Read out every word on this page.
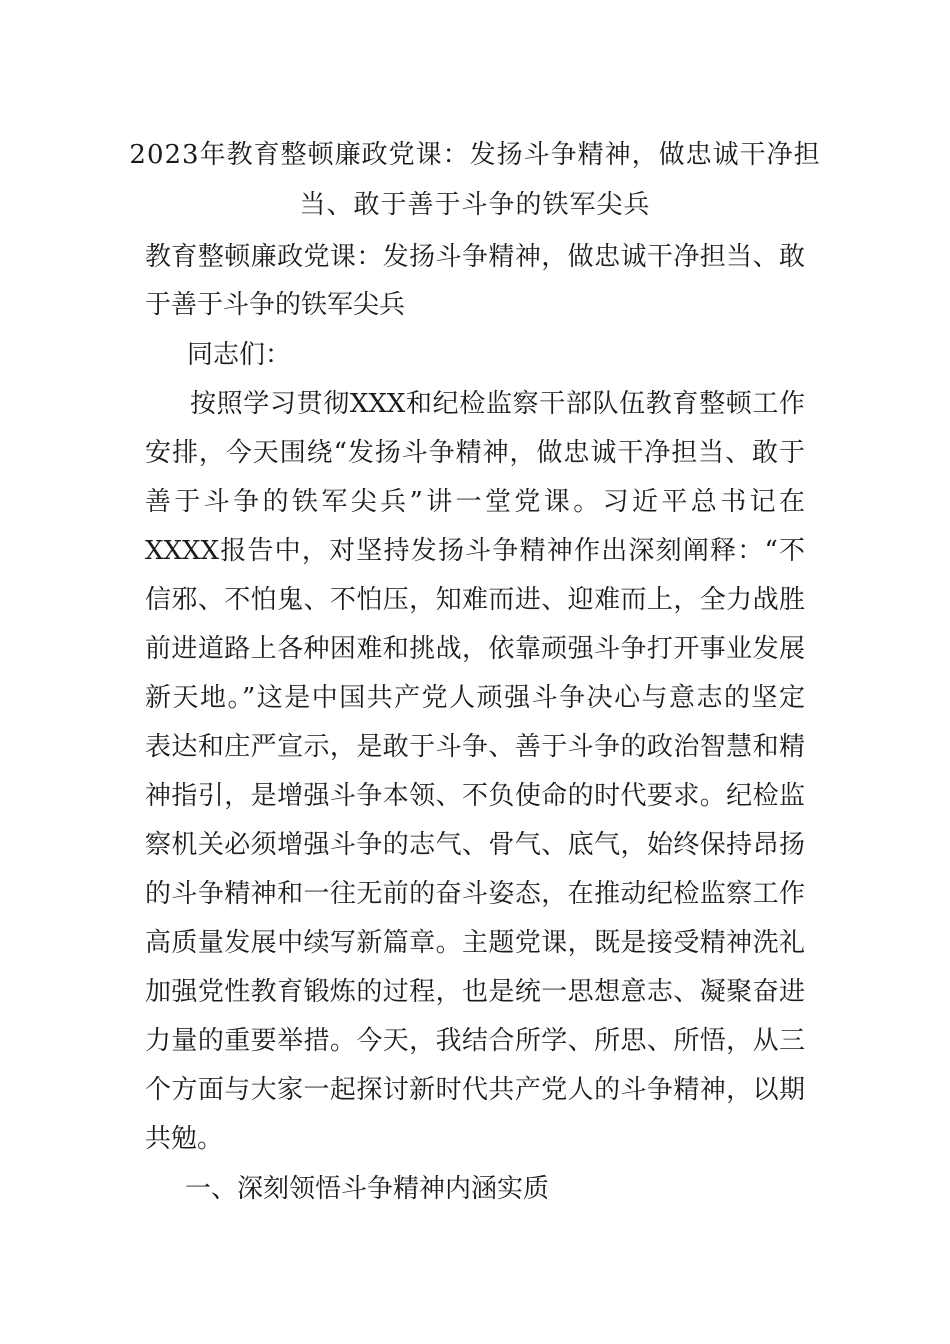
2023年教育整顿廉政党课：发扬斗争精神，做忠诚干净担
当、敢于善于斗争的铁军尖兵
教育整顿廉政党课：发扬斗争精神，做忠诚干净担当、敢
于善于斗争的铁军尖兵
同志们：
按照学习贯彻XXX和纪检监察干部队伍教育整顿工作
安排，今天围绕“发扬斗争精神，做忠诚干净担当、敢于
善于斗争的铁军尖兵”讲一堂党课。习近平总书记在
XXXX报告中，对坚持发扬斗争精神作出深刻阐释：“不
信邪、不怕鬼、不怕压，知难而进、迎难而上，全力战胜
前进道路上各种困难和挑战，依靠顽强斗争打开事业发展
新天地。”这是中国共产党人顽强斗争决心与意志的坚定
表达和庄严宣示，是敢于斗争、善于斗争的政治智慧和精
神指引，是增强斗争本领、不负使命的时代要求。纪检监
察机关必须增强斗争的志气、骨气、底气，始终保持昂扬
的斗争精神和一往无前的奋斗姿态，在推动纪检监察工作
高质量发展中续写新篇章。主题党课，既是接受精神洗礼
加强党性教育锻炼的过程，也是统一思想意志、凝聚奋进
力量的重要举措。今天，我结合所学、所思、所悟，从三
个方面与大家一起探讨新时代共产党人的斗争精神，以期
共勉。
一、深刻领悟斗争精神内涵实质
